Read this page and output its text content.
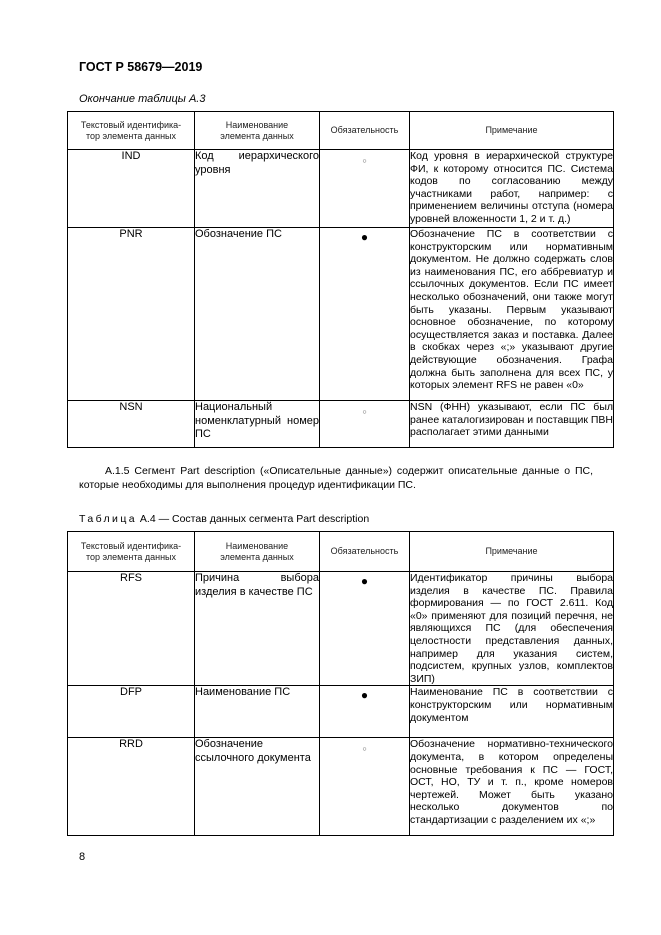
ГОСТ Р 58679—2019
Окончание таблицы А.3
Текстовый идентифика-тор элемента данных	Наименование элемента данных	Обязательность	Примечание
IND	Код иерархического уровня	○	Код уровня в иерархической структуре ФИ, к которому относится ПС. Система кодов по согласованию между участниками работ, например: с применением величины отступа (номера уровней вложенности 1, 2 и т. д.)
PNR	Обозначение ПС	●	Обозначение ПС в соответствии с конструкторским или нормативным документом. Не должно содержать слов из наименования ПС, его аббревиатур и ссылочных документов. Если ПС имеет несколько обозначений, они также могут быть указаны. Первым указывают основное обозначение, по которому осуществляется заказ и поставка. Далее в скобках через «;» указывают другие действующие обозначения. Графа должна быть заполнена для всех ПС, у которых элемент RFS не равен «0»
NSN	Национальный номенклатурный номер ПС	○	NSN (ФНН) указывают, если ПС был ранее каталогизирован и поставщик ПВН располагает этими данными
А.1.5 Сегмент Part description («Описательные данные») содержит описательные данные о ПС, которые необходимы для выполнения процедур идентификации ПС.
Таблица А.4 — Состав данных сегмента Part description
Текстовый идентифика-тор элемента данных	Наименование элемента данных	Обязательность	Примечание
RFS	Причина выбора изделия в качестве ПС	●	Идентификатор причины выбора изделия в качестве ПС. Правила формирования — по ГОСТ 2.611. Код «0» применяют для позиций перечня, не являющихся ПС (для обеспечения целостности представления данных, например для указания систем, подсистем, крупных узлов, комплектов ЗИП)
DFP	Наименование ПС	●	Наименование ПС в соответствии с конструкторским или нормативным документом
RRD	Обозначение ссылочного документа	○	Обозначение нормативно-технического документа, в котором определены основные требования к ПС — ГОСТ, ОСТ, НО, ТУ и т. п., кроме номеров чертежей. Может быть указано несколько документов по стандартизации с разделением их «;»
8
